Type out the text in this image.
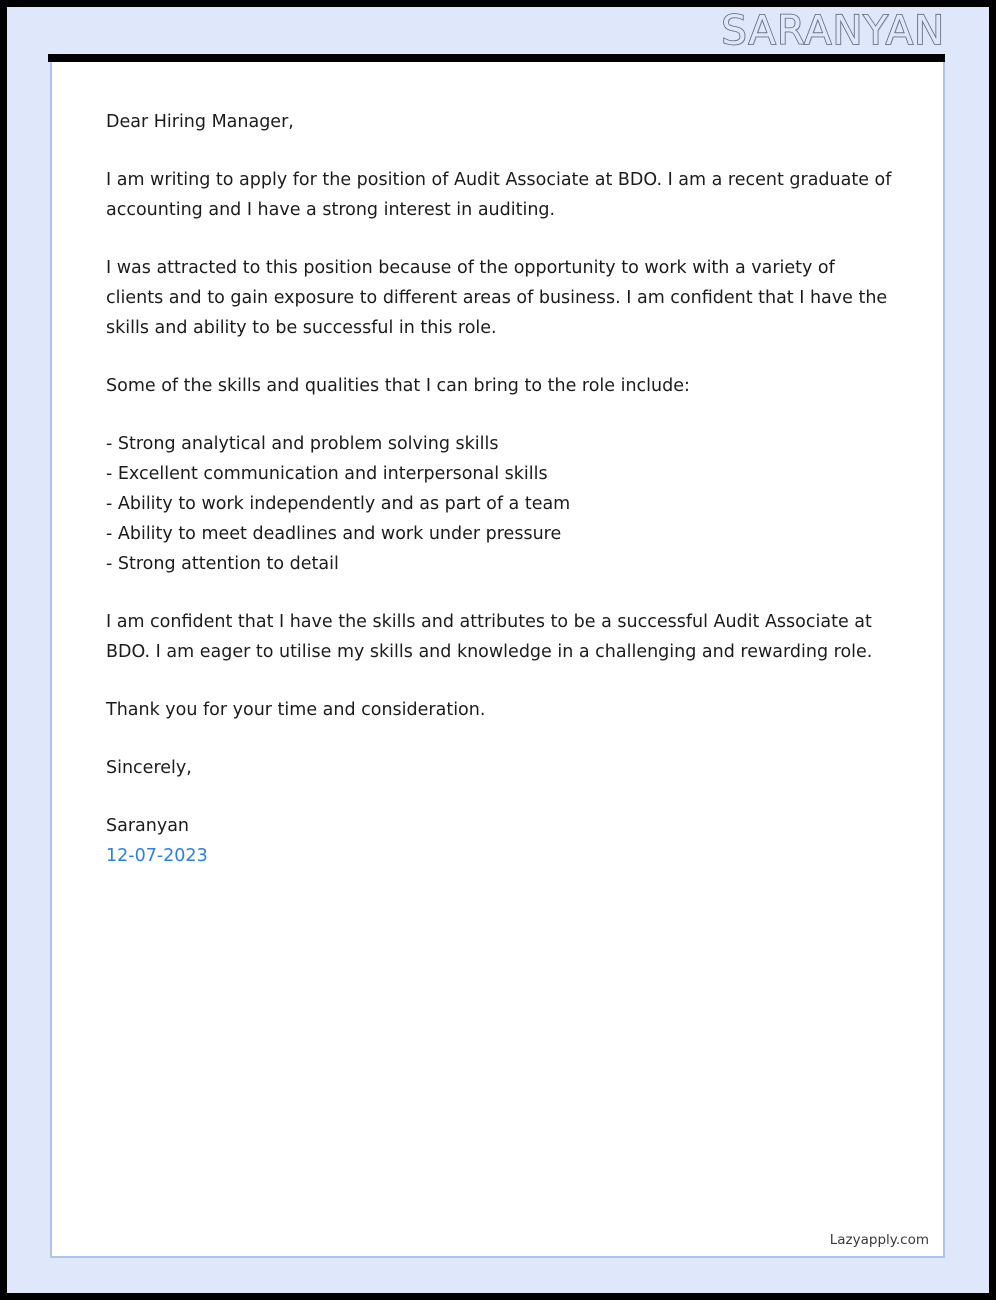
SARANYAN

Dear Hiring Manager,

I am writing to apply for the position of Audit Associate at BDO. I am a recent graduate of accounting and I have a strong interest in auditing.

I was attracted to this position because of the opportunity to work with a variety of clients and to gain exposure to different areas of business. I am confident that I have the skills and ability to be successful in this role.

Some of the skills and qualities that I can bring to the role include:

- Strong analytical and problem solving skills
- Excellent communication and interpersonal skills
- Ability to work independently and as part of a team
- Ability to meet deadlines and work under pressure
- Strong attention to detail

I am confident that I have the skills and attributes to be a successful Audit Associate at BDO. I am eager to utilise my skills and knowledge in a challenging and rewarding role.

Thank you for your time and consideration.

Sincerely,

Saranyan

12-07-2023

Lazyapply.com
